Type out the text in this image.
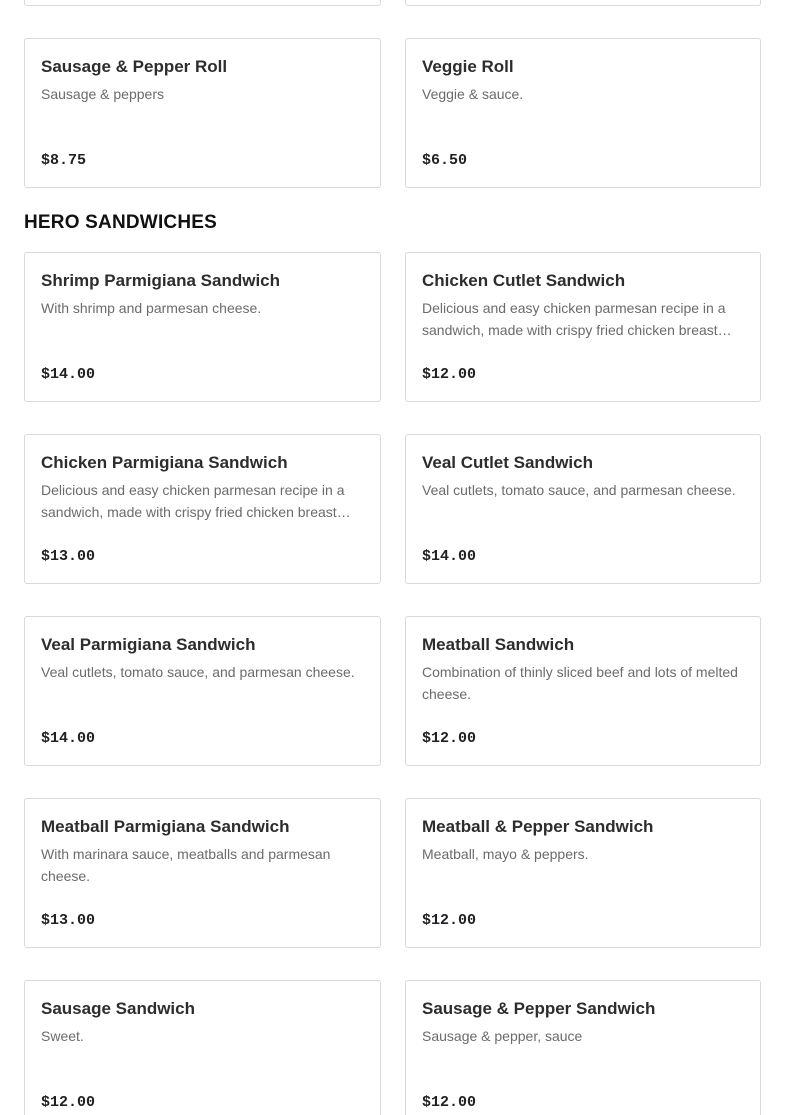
Sausage & Pepper Roll
Sausage & peppers
$8.75
Veggie Roll
Veggie & sauce.
$6.50
HERO SANDWICHES
Shrimp Parmigiana Sandwich
With shrimp and parmesan cheese.
$14.00
Chicken Cutlet Sandwich
Delicious and easy chicken parmesan recipe in a sandwich, made with crispy fried chicken breast…
$12.00
Chicken Parmigiana Sandwich
Delicious and easy chicken parmesan recipe in a sandwich, made with crispy fried chicken breast…
$13.00
Veal Cutlet Sandwich
Veal cutlets, tomato sauce, and parmesan cheese.
$14.00
Veal Parmigiana Sandwich
Veal cutlets, tomato sauce, and parmesan cheese.
$14.00
Meatball Sandwich
Combination of thinly sliced beef and lots of melted cheese.
$12.00
Meatball Parmigiana Sandwich
With marinara sauce, meatballs and parmesan cheese.
$13.00
Meatball & Pepper Sandwich
Meatball, mayo & peppers.
$12.00
Sausage Sandwich
Sweet.
$12.00
Sausage & Pepper Sandwich
Sausage & pepper, sauce
$12.00
